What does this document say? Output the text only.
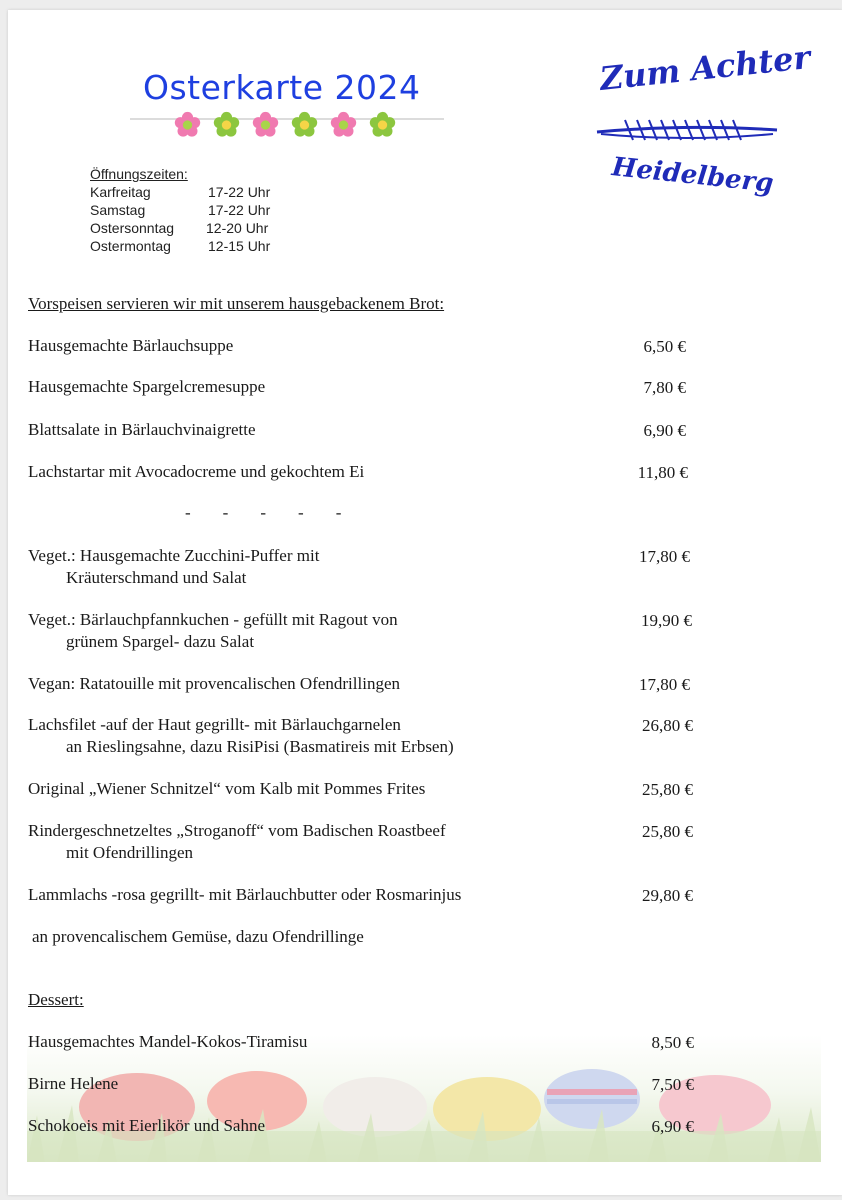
Osterkarte 2024	Zum Achter
Heidelberg
Öffnungszeiten:
Karfreitag	17-22 Uhr
Samstag	17-22 Uhr
Ostersonntag	12-20 Uhr
Ostermontag	12-15 Uhr
Vorspeisen servieren wir mit unserem hausgebackenem Brot:
Hausgemachte Bärlauchsuppe	6,50 €
Hausgemachte Spargelcremesuppe	7,80 €
Blattsalate in Bärlauchvinaigrette	6,90 €
Lachstartar mit Avocadocreme und gekochtem Ei	11,80 €
- - - - -
Veget.: Hausgemachte Zucchini-Puffer mit
Kräuterschmand und Salat
17,80 €
Veget.: Bärlauchpfannkuchen - gefüllt mit Ragout von
grünem Spargel- dazu Salat
19,90 €
Vegan: Ratatouille mit provencalischen Ofendrillingen	17,80 €
Lachsfilet -auf der Haut gegrillt- mit Bärlauchgarnelen
an Rieslingsahne, dazu RisiPisi (Basmatireis mit Erbsen)
26,80 €
Original „Wiener Schnitzel“ vom Kalb mit Pommes Frites	25,80 €
Rindergeschnetzeltes „Stroganoff“ vom Badischen Roastbeef
mit Ofendrillingen
25,80 €
Lammlachs -rosa gegrillt- mit Bärlauchbutter oder Rosmarinjus	29,80 €
an provencalischem Gemüse, dazu Ofendrillinge
Dessert:
Hausgemachtes Mandel-Kokos-Tiramisu	8,50 €
Birne Helene	7,50 €
Schokoeis mit Eierlikör und Sahne	6,90 €
